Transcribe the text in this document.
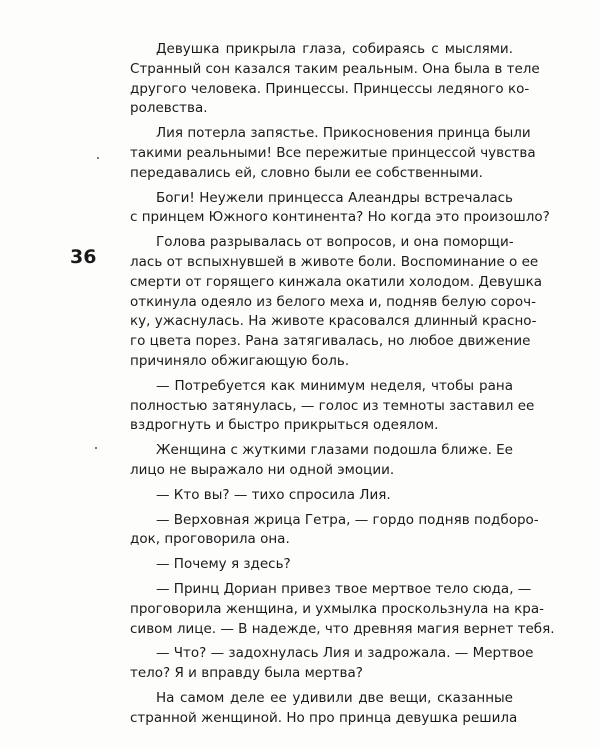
36
Девушка прикрыла глаза, собираясь с мыслями.
Странный сон казался таким реальным. Она была в теле
другого человека. Принцессы. Принцессы ледяного ко-
ролевства.
Лия потерла запястье. Прикосновения принца были
такими реальными! Все пережитые принцессой чувства
передавались ей, словно были ее собственными.
Боги! Неужели принцесса Алеандры встречалась
с принцем Южного континента? Но когда это произошло?
Голова разрывалась от вопросов, и она поморщи-
лась от вспыхнувшей в животе боли. Воспоминание о ее
смерти от горящего кинжала окатили холодом. Девушка
откинула одеяло из белого меха и, подняв белую сороч-
ку, ужаснулась. На животе красовался длинный красно-
го цвета порез. Рана затягивалась, но любое движение
причиняло обжигающую боль.
— Потребуется как минимум неделя, чтобы рана
полностью затянулась, — голос из темноты заставил ее
вздрогнуть и быстро прикрыться одеялом.
Женщина с жуткими глазами подошла ближе. Ее
лицо не выражало ни одной эмоции.
— Кто вы? — тихо спросила Лия.
— Верховная жрица Гетра, — гордо подняв подборо-
док, проговорила она.
— Почему я здесь?
— Принц Дориан привез твое мертвое тело сюда, —
проговорила женщина, и ухмылка проскользнула на кра-
сивом лице. — В надежде, что древняя магия вернет тебя.
— Что? — задохнулась Лия и задрожала. — Мертвое
тело? Я и вправду была мертва?
На самом деле ее удивили две вещи, сказанные
странной женщиной. Но про принца девушка решила
